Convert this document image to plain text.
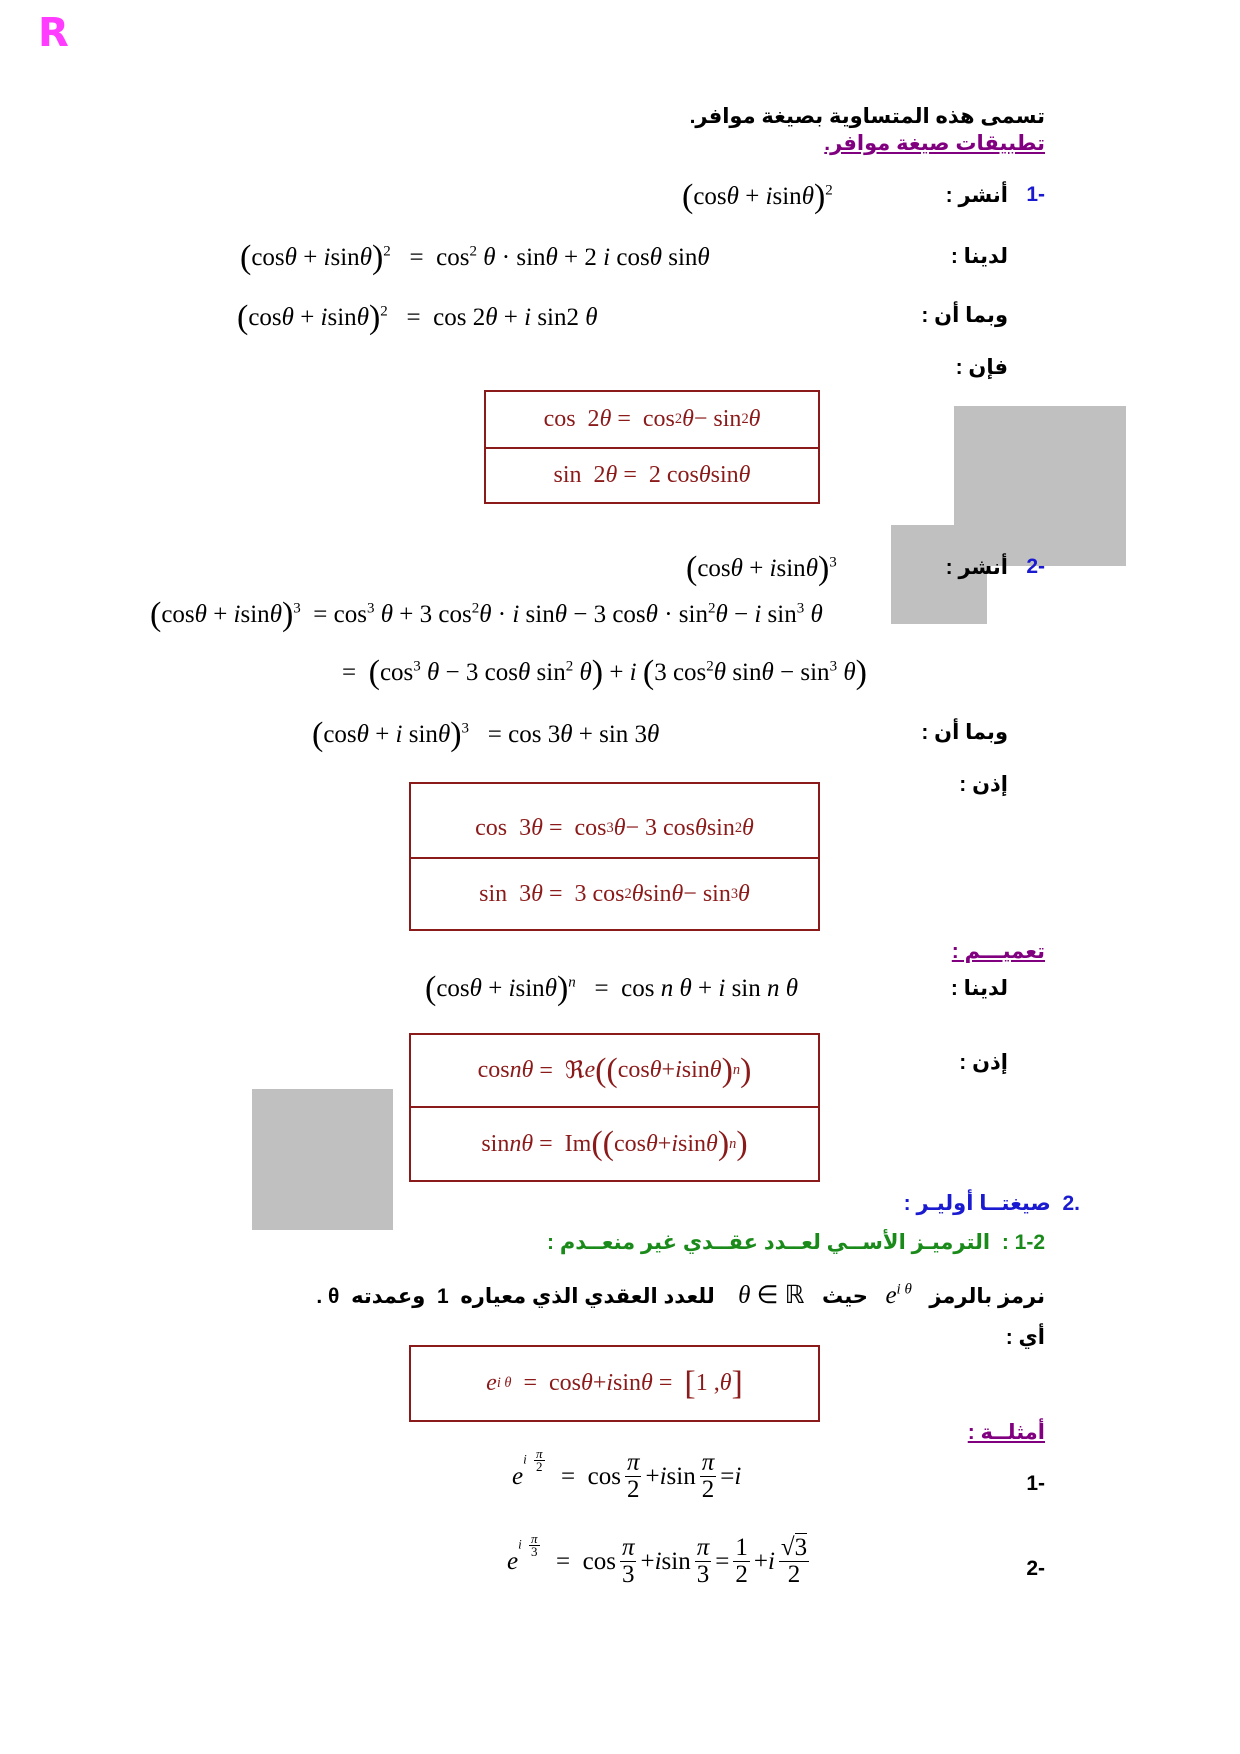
R
تسمى هذه المتساوية بصيغة موافر.
تطبيقات صيغة موافر.
-1
أنشر :
$(\cos\theta + isin\theta)^2$
لدينا :
$(\cos\theta + isin\theta)^2 = \cos^2 \theta \cdot \sin\theta + 2$ i cosθ sinθ
وبما أن :
$(\cos\theta + isin\theta)^2 = \cos 2\theta + i$ sin2 θ
فإن :
cos  2 θ =  cos 2 θ − sin 2 θ
sin  2 θ =  2 cos θ sin θ
-2
أنشر :
$(\cos\theta + isin\theta)^3$
$(\cos\theta + isin\theta)^3 = \cos^3 \theta + 3$ $\cos^2\theta \cdot i$ sinθ − 3 $\cos\theta \cdot \sin^2\theta - i$ $\sin^3 \theta$
=  ($\cos^3$ θ − 3 cosθ $\sin^2 \theta) + i$ (3 $\cos^2\theta$ $\sin\theta - \sin^3 \theta$)
وبما أن :
(cosθ + i sinθ)$^3$   = cos 3θ + sin 3θ
إذن :
cos  3 θ =  cos 3 θ − 3 cos θ sin 2 θ
sin  3 θ =  3 cos 2 θ sin θ − sin 3 θ
تعميـــم :
لدينا :
$(\cos\theta + isin\theta)^n = \cos n$ θ + i sin n θ
إذن :
cos n θ =  ℜ e ( ( cos θ + i sin θ ) n )
sin n θ =  Im ( ( cos θ + i sin θ ) n )
.2  صيغتــا أوليـر :
1-2 :  الترميـز الأســي لعــدد عقــدي غير منعــدم :
نرمز بالرمز   $e^{i \theta}$   حيث   θ ∈ ℝ    للعدد العقدي الذي معياره  1  وعمدته  θ .
أي :
e i θ =  cos θ + i sin θ = [ 1 , θ ]
أمثلــة :
-1
e
i $\frac{\pi}{2}$
=  $\cos \frac{\pi}{2} + i$ $\sin \frac{\pi}{2} = i$
-2
e
i $\frac{\pi}{3}$
=  $\cos \frac{\pi}{3} + i$ $\sin \frac{\pi}{3} = \frac{1}{2} + i \frac{√3}{2}$
